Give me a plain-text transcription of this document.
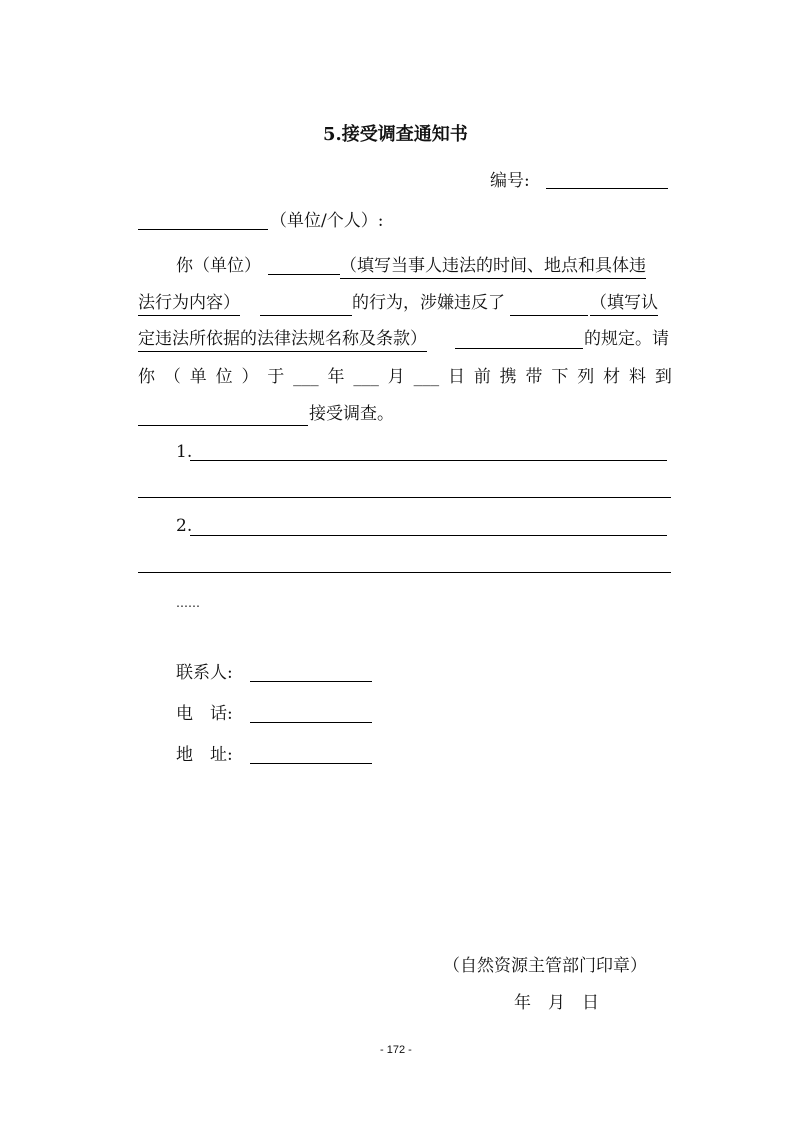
5.接受调查通知书
编号:
（单位/个人）:
你（单位）	（填写当事人违法的时间、地点和具体违
法行为内容）	的行为，涉嫌违反了	（填写认
定违法所依据的法律法规名称及条款）	的规定。请
你 （ 单 位 ） 于 ___ 年 ___ 月 ___ 日 前 携 带 下 列 材 料 到
接受调查。
1.
2.
……
联系人:
电　话:
地　址:
（自然资源主管部门印章）
年　月　日
- 172 -
